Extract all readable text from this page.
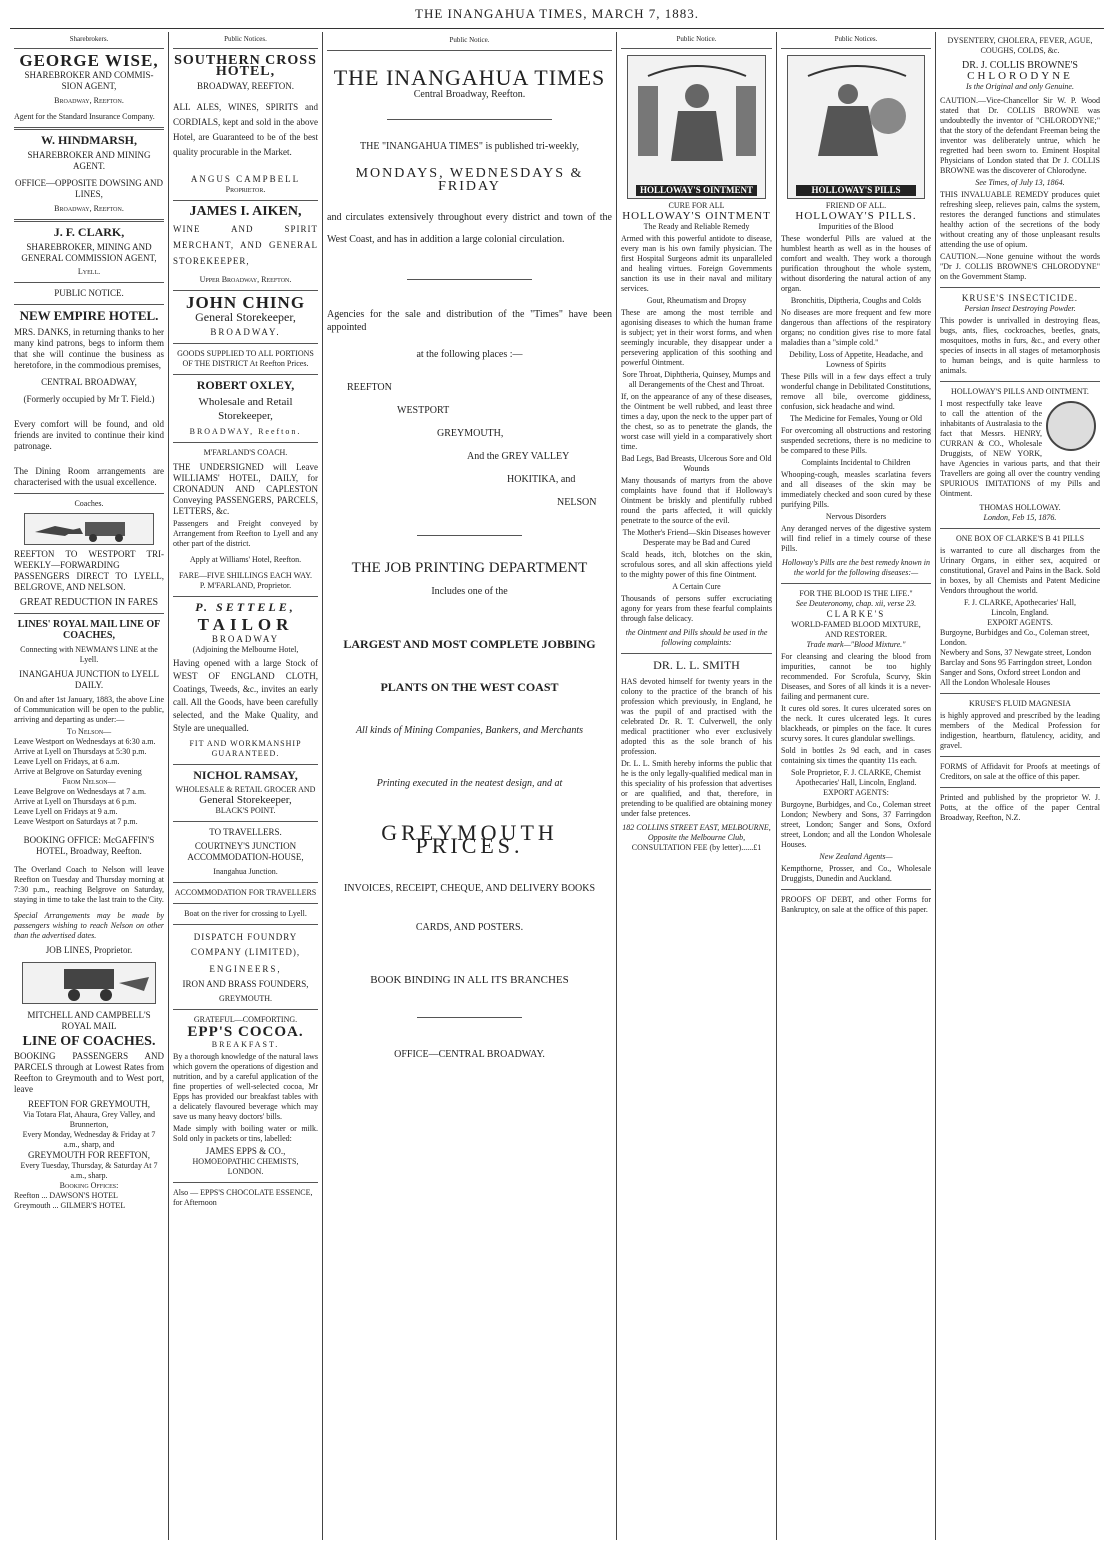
THE INANGAHUA TIMES, MARCH 7, 1883.
Sharebrokers.
GEORGE WISE,
SHAREBROKER AND COMMIS-
SION AGENT,
Broadway, Reefton.
Agent for the Standard Insurance Company.
W. HINDMARSH,
SHAREBROKER AND MINING AGENT.
OFFICE—OPPOSITE DOWSING AND LINES,
Broadway, Reefton.
J. F. CLARK,
SHAREBROKER, MINING AND GENERAL COMMISSION AGENT,
Lyell.
PUBLIC NOTICE.
NEW EMPIRE HOTEL.
MRS. DANKS, in returning thanks to her many kind patrons, begs to inform them that she will continue the business as heretofore, in the commodious premises,
CENTRAL BROADWAY,
(Formerly occupied by Mr T. Field.)
Every comfort will be found, and old friends are invited to continue their kind patronage.
The Dining Room arrangements are characterised with the usual excellence.
Coaches.
REEFTON TO WESTPORT TRI-WEEKLY—FORWARDING PASSENGERS DIRECT TO LYELL, BELGROVE, AND NELSON.
GREAT REDUCTION IN FARES
LINES' ROYAL MAIL LINE OF COACHES,
Connecting with NEWMAN'S LINE at the Lyell.
INANGAHUA JUNCTION to LYELL DAILY.
On and after 1st January, 1883, the above Line of Communication will be open to the public, arriving and departing as under:—
To Nelson—
Leave Westport on Wednesdays at 6:30 a.m.
Arrive at Lyell on Thursdays at 5:30 p.m.
Leave Lyell on Fridays, at 6 a.m.
Arrive at Belgrove on Saturday evening
From Nelson—
Leave Belgrove on Wednesdays at 7 a.m.
Arrive at Lyell on Thursdays at 6 p.m.
Leave Lyell on Fridays at 9 a.m.
Leave Westport on Saturdays at 7 p.m.
BOOKING OFFICE: McGAFFIN'S HOTEL, Broadway, Reefton.
The Overland Coach to Nelson will leave Reefton on Tuesday and Thursday morning at 7:30 p.m., reaching Belgrove on Saturday, staying in time to take the last train to the City.
Special Arrangements may be made by passengers wishing to reach Nelson on other than the advertised dates.
JOB LINES, Proprietor.
MITCHELL AND CAMPBELL'S
ROYAL MAIL
LINE OF COACHES.
BOOKING PASSENGERS AND PARCELS through at Lowest Rates from Reefton to Greymouth and to West port, leave
REEFTON FOR GREYMOUTH,
Via Totara Flat, Ahaura, Grey Valley, and Brunnerton,
Every Monday, Wednesday & Friday at 7 a.m., sharp, and
GREYMOUTH FOR REEFTON,
Every Tuesday, Thursday, & Saturday At 7 a.m., sharp.
Booking Offices:
Reefton ... DAWSON'S HOTEL
Greymouth ... GILMER'S HOTEL
Public Notices.
SOUTHERN CROSS HOTEL,
BROADWAY, REEFTON.
ALL ALES, WINES, SPIRITS and CORDIALS, kept and sold in the above Hotel, are Guaranteed to be of the best quality procurable in the Market.
ANGUS CAMPBELL
Proprietor.
JAMES I. AIKEN,
WINE AND SPIRIT MERCHANT, AND GENERAL STOREKEEPER,
Upper Broadway, Reefton.
JOHN CHING
General Storekeeper,
BROADWAY.
GOODS SUPPLIED TO ALL PORTIONS OF THE DISTRICT At Reefton Prices.
ROBERT OXLEY,
Wholesale and Retail Storekeeper,
BROADWAY, Reefton.
M'FARLAND'S COACH.
THE UNDERSIGNED will Leave WILLIAMS' HOTEL, DAILY, for CRONADUN AND CAPLESTON Conveying PASSENGERS, PARCELS, LETTERS, &c.
Passengers and Freight conveyed by Arrangement from Reefton to Lyell and any other part of the district.
Apply at Williams' Hotel, Reefton.
FARE—FIVE SHILLINGS EACH WAY.
P. M'FARLAND, Proprietor.
P. SETTELE,
TAILOR
BROADWAY
(Adjoining the Melbourne Hotel,
Having opened with a large Stock of WEST OF ENGLAND CLOTH, Coatings, Tweeds, &c., invites an early call. All the Goods, have been carefully selected, and the Make Quality, and Style are unequalled.
FIT AND WORKMANSHIP GUARANTEED.
NICHOL RAMSAY,
WHOLESALE & RETAIL GROCER AND
General Storekeeper,
BLACK'S POINT.
TO TRAVELLERS.
COURTNEY'S JUNCTION ACCOMMODATION-HOUSE,
Inangahua Junction.
ACCOMMODATION FOR TRAVELLERS
Boat on the river for crossing to Lyell.
DISPATCH FOUNDRY COMPANY (LIMITED),
ENGINEERS,
IRON AND BRASS FOUNDERS,
GREYMOUTH.
GRATEFUL—COMFORTING.
EPP'S COCOA.
BREAKFAST.
By a thorough knowledge of the natural laws which govern the operations of digestion and nutrition, and by a careful application of the fine properties of well-selected cocoa, Mr Epps has provided our breakfast tables with a delicately flavoured beverage which may save us many heavy doctors' bills.
Made simply with boiling water or milk. Sold only in packets or tins, labelled:
JAMES EPPS & CO.,
HOMOEOPATHIC CHEMISTS,
LONDON.
Also — EPPS'S CHOCOLATE ESSENCE, for Afternoon
Public Notice.
THE INANGAHUA TIMES
Central Broadway, Reefton.
THE "INANGAHUA TIMES" is published tri-weekly,
MONDAYS, WEDNESDAYS & FRIDAY
and circulates extensively throughout every district and town of the West Coast, and has in addition a large colonial circulation.
Agencies for the sale and distribution of the "Times" have been appointed
at the following places :—
REEFTON
WESTPORT
GREYMOUTH,
And the GREY VALLEY
HOKITIKA, and
NELSON
THE JOB PRINTING DEPARTMENT
Includes one of the
LARGEST AND MOST COMPLETE JOBBING
PLANTS ON THE WEST COAST
All kinds of Mining Companies, Bankers, and Merchants
Printing executed in the neatest design, and at
GREYMOUTH PRICES.
INVOICES, RECEIPT, CHEQUE, AND DELIVERY BOOKS
CARDS, AND POSTERS.
BOOK BINDING IN ALL ITS BRANCHES
OFFICE—CENTRAL BROADWAY.
Public Notice.
HOLLOWAY'S OINTMENT
CURE FOR ALL
HOLLOWAY'S OINTMENT
The Ready and Reliable Remedy
Armed with this powerful antidote to disease, every man is his own family physician. The first Hospital Surgeons admit its unparalleled and healing virtues. Foreign Governments sanction its use in their naval and military services.
Gout, Rheumatism and Dropsy
These are among the most terrible and agonising diseases to which the human frame is subject; yet in their worst forms, and when seemingly incurable, they disappear under a persevering application of this soothing and powerful Ointment.
Sore Throat, Diphtheria, Quinsey, Mumps and all Derangements of the Chest and Throat.
If, on the appearance of any of these diseases, the Ointment be well rubbed, and least three times a day, upon the neck to the upper part of the chest, so as to penetrate the glands, the worst case will yield in a comparatively short time.
Bad Legs, Bad Breasts, Ulcerous Sore and Old Wounds
Many thousands of martyrs from the above complaints have found that if Holloway's Ointment be briskly and plentifully rubbed round the parts affected, it will quickly penetrate to the source of the evil.
The Mother's Friend—Skin Diseases however Desperate may be Bad and Cured
Scald heads, itch, blotches on the skin, scrofulous sores, and all skin affections yield to the mighty power of this fine Ointment.
A Certain Cure
Thousands of persons suffer excruciating agony for years from these fearful complaints through false delicacy.
the Ointment and Pills should be used in the following complaints:
DR. L. L. SMITH
HAS devoted himself for twenty years in the colony to the practice of the branch of his profession which previously, in England, he was the pupil of and practised with the celebrated Dr. R. T. Culverwell, the only medical practitioner who ever exclusively adopted this as the sole branch of his profession.
Dr. L. L. Smith hereby informs the public that he is the only legally-qualified medical man in this speciality of his profession that advertises or are qualified, and that, therefore, in pretending to be qualified are obtaining money under false pretences.
182 COLLINS STREET EAST, MELBOURNE, Opposite the Melbourne Club,
CONSULTATION FEE (by letter)......£1
Public Notices.
HOLLOWAY'S PILLS
FRIEND OF ALL.
HOLLOWAY'S PILLS.
Impurities of the Blood
These wonderful Pills are valued at the humblest hearth as well as in the houses of comfort and wealth. They work a thorough purification throughout the whole system, without disordering the natural action of any organ.
Bronchitis, Diptheria, Coughs and Colds
No diseases are more frequent and few more dangerous than affections of the respiratory organs; no condition gives rise to more fatal maladies than a "simple cold."
Debility, Loss of Appetite, Headache, and Lowness of Spirits
These Pills will in a few days effect a truly wonderful change in Debilitated Constitutions, remove all bile, overcome giddiness, confusion, sick headache and wind.
The Medicine for Females, Young or Old
For overcoming all obstructions and restoring suspended secretions, there is no medicine to be compared to these Pills.
Complaints Incidental to Children
Whooping-cough, measles scarlatina fevers and all diseases of the skin may be immediately checked and soon cured by these purifying Pills.
Nervous Disorders
Any deranged nerves of the digestive system will find relief in a timely course of these Pills.
Holloway's Pills are the best remedy known in the world for the following diseases:—
FOR THE BLOOD IS THE LIFE."
See Deuteronomy, chap. xii, verse 23.
CLARKE'S
WORLD-FAMED BLOOD MIXTURE,
AND RESTORER.
Trade mark—"Blood Mixture."
For cleansing and clearing the blood from impurities, cannot be too highly recommended. For Scrofula, Scurvy, Skin Diseases, and Sores of all kinds it is a never-failing and permanent cure.
It cures old sores. It cures ulcerated sores on the neck. It cures ulcerated legs. It cures blackheads, or pimples on the face. It cures scurvy sores. It cures glandular swellings.
Sold in bottles 2s 9d each, and in cases containing six times the quantity 11s each.
Sole Proprietor, F. J. CLARKE, Chemist Apothecaries' Hall, Lincoln, England.
EXPORT AGENTS:
Burgoyne, Burbidges, and Co., Coleman street London; Newbery and Sons, 37 Farringdon street, London; Sanger and Sons, Oxford street, London; and all the London Wholesale Houses.
New Zealand Agents—
Kempthorne, Prosser, and Co., Wholesale Druggists, Dunedin and Auckland.
PROOFS OF DEBT, and other Forms for Bankruptcy, on sale at the office of this paper.
DYSENTERY, CHOLERA, FEVER, AGUE, COUGHS, COLDS, &c.
DR. J. COLLIS BROWNE'S
CHLORODYNE
Is the Original and only Genuine.
CAUTION.—Vice-Chancellor Sir W. P. Wood stated that Dr. COLLIS BROWNE was undoubtedly the inventor of "CHLORODYNE;" that the story of the defendant Freeman being the inventor was deliberately untrue, which he regretted had been sworn to. Eminent Hospital Physicians of London stated that Dr J. COLLIS BROWNE was the discoverer of Chlorodyne.
See Times, of July 13, 1864.
THIS INVALUABLE REMEDY produces quiet refreshing sleep, relieves pain, calms the system, restores the deranged functions and stimulates healthy action of the secretions of the body without creating any of those unpleasant results attending the use of opium.
CAUTION.—None genuine without the words "Dr J. COLLIS BROWNE'S CHLORODYNE" on the Government Stamp.
KRUSE'S INSECTICIDE.
Persian Insect Destroying Powder.
This powder is unrivalled in destroying fleas, bugs, ants, flies, cockroaches, beetles, gnats, mosquitoes, moths in furs, &c., and every other species of insects in all stages of metamorphosis to human beings, and is quite harmless to animals.
HOLLOWAY'S PILLS AND OINTMENT.
I most respectfully take leave to call the attention of the inhabitants of Australasia to the fact that Messrs. HENRY, CURRAN & CO., Wholesale Druggists, of NEW YORK, have Agencies in various parts, and that their Travellers are going all over the country vending SPURIOUS IMITATIONS of my Pills and Ointment.
THOMAS HOLLOWAY.
London, Feb 15, 1876.
ONE BOX OF CLARKE'S B 41 PILLS
is warranted to cure all discharges from the Urinary Organs, in either sex, acquired or constitutional, Gravel and Pains in the Back. Sold in boxes, by all Chemists and Patent Medicine Vendors throughout the world.
F. J. CLARKE, Apothecaries' Hall,
Lincoln, England.
EXPORT AGENTS.
Burgoyne, Burbidges and Co., Coleman street, London.
Newbery and Sons, 37 Newgate street, London
Barclay and Sons 95 Farringdon street, London
Sanger and Sons, Oxford street London and
All the London Wholesale Houses
KRUSE'S FLUID MAGNESIA
is highly approved and prescribed by the leading members of the Medical Profession for indigestion, heartburn, flatulency, acidity, and gravel.
FORMS of Affidavit for Proofs at meetings of Creditors, on sale at the office of this paper.
Printed and published by the proprietor W. J. Potts, at the office of the paper Central Broadway, Reefton, N.Z.
